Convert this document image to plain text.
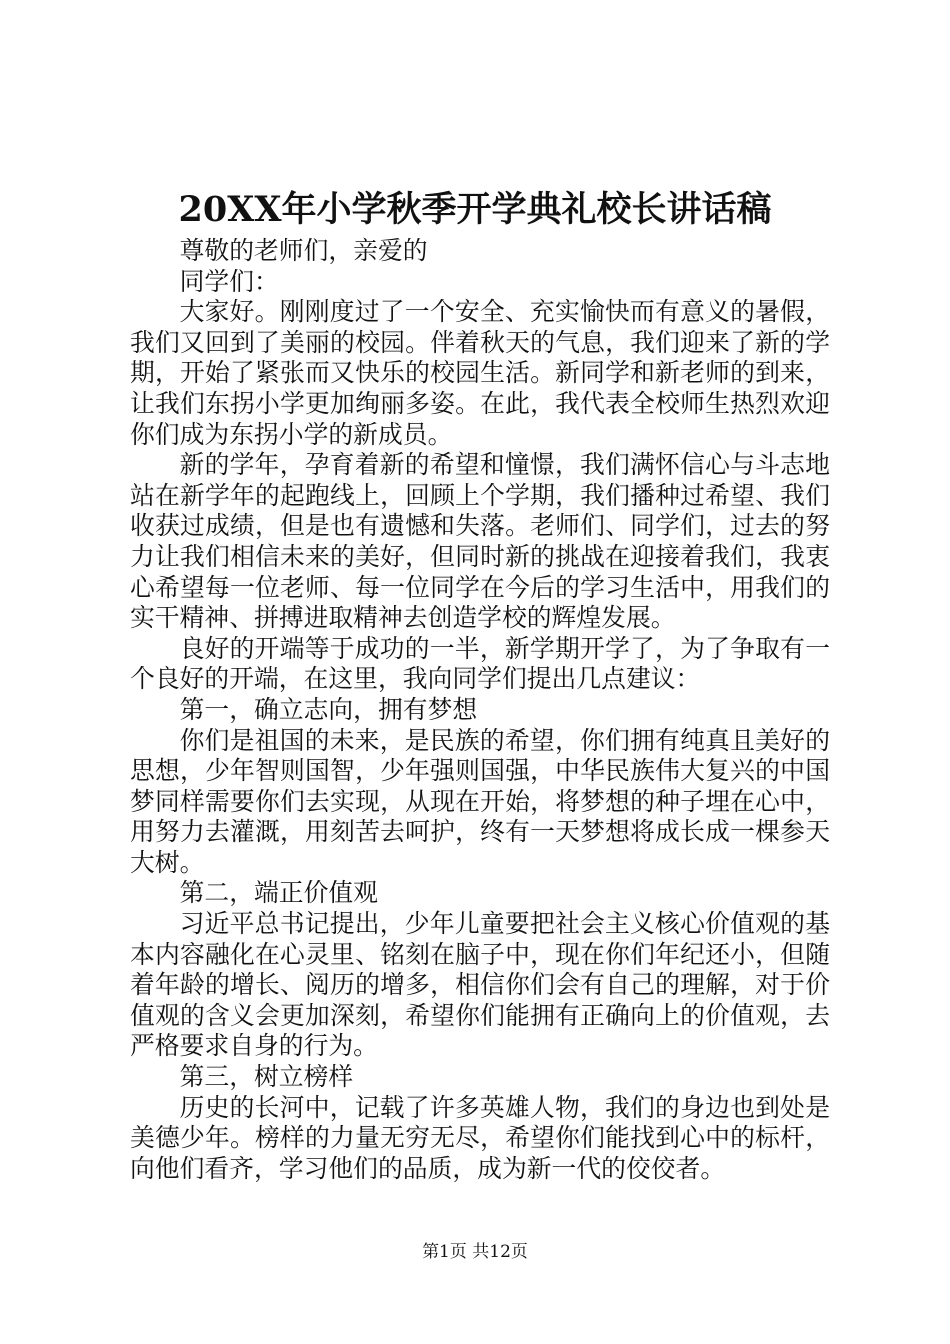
20XX年小学秋季开学典礼校长讲话稿

尊敬的老师们，亲爱的

同学们：

大家好。刚刚度过了一个安全、充实愉快而有意义的暑假，我们又回到了美丽的校园。伴着秋天的气息，我们迎来了新的学期，开始了紧张而又快乐的校园生活。新同学和新老师的到来，让我们东拐小学更加绚丽多姿。在此，我代表全校师生热烈欢迎你们成为东拐小学的新成员。

新的学年，孕育着新的希望和憧憬，我们满怀信心与斗志地站在新学年的起跑线上，回顾上个学期，我们播种过希望、我们收获过成绩，但是也有遗憾和失落。老师们、同学们，过去的努力让我们相信未来的美好，但同时新的挑战在迎接着我们，我衷心希望每一位老师、每一位同学在今后的学习生活中，用我们的实干精神、拼搏进取精神去创造学校的辉煌发展。

良好的开端等于成功的一半，新学期开学了，为了争取有一个良好的开端，在这里，我向同学们提出几点建议：

第一，确立志向，拥有梦想

你们是祖国的未来，是民族的希望，你们拥有纯真且美好的思想，少年智则国智，少年强则国强，中华民族伟大复兴的中国梦同样需要你们去实现，从现在开始，将梦想的种子埋在心中，用努力去灌溉，用刻苦去呵护，终有一天梦想将成长成一棵参天大树。

第二，端正价值观

习近平总书记提出，少年儿童要把社会主义核心价值观的基本内容融化在心灵里、铭刻在脑子中，现在你们年纪还小，但随着年龄的增长、阅历的增多，相信你们会有自己的理解，对于价值观的含义会更加深刻，希望你们能拥有正确向上的价值观，去严格要求自身的行为。

第三，树立榜样

历史的长河中，记载了许多英雄人物，我们的身边也到处是美德少年。榜样的力量无穷无尽，希望你们能找到心中的标杆，向他们看齐，学习他们的品质，成为新一代的佼佼者。

第1页 共12页
